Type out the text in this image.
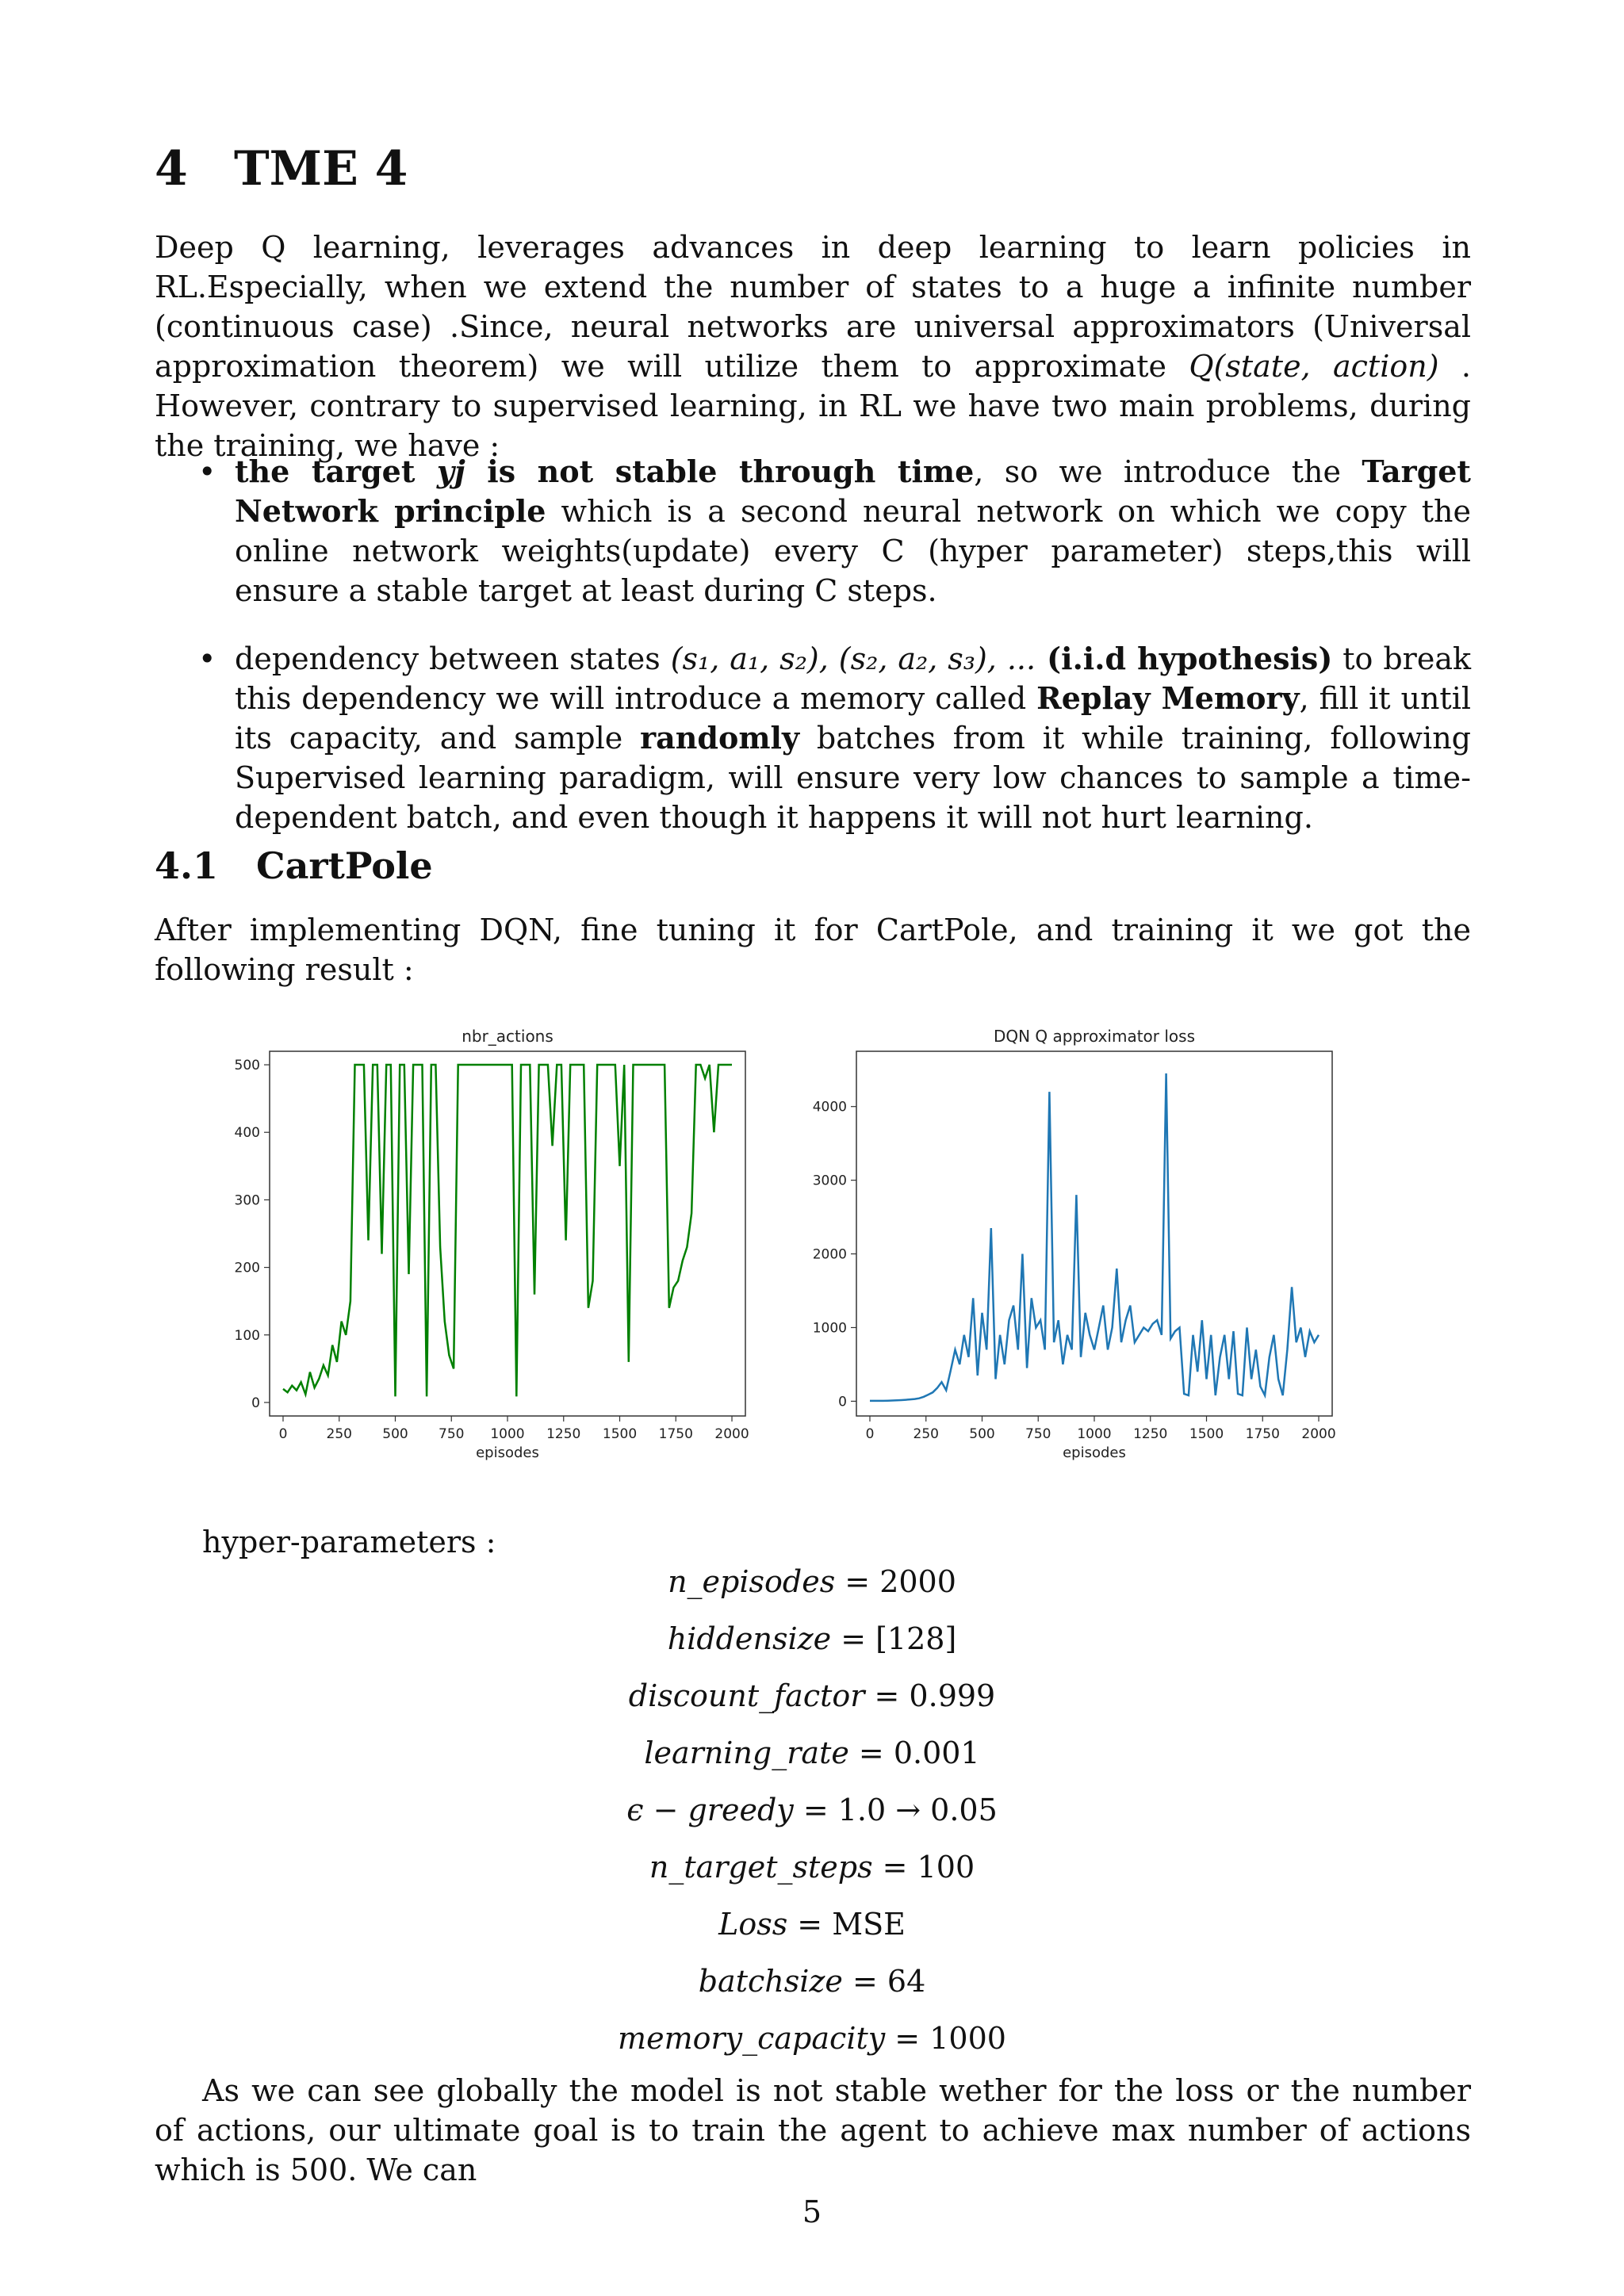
4 TME 4

Deep Q learning, leverages advances in deep learning to learn policies in RL.Especially, when we extend the number of states to a huge a infinite number (continuous case) .Since, neural networks are universal approximators (Universal approximation theorem) we will utilize them to approximate Q(state, action) . However, contrary to supervised learning, in RL we have two main problems, during the training, we have :

• the target yj is not stable through time, so we introduce the Target Network principle which is a second neural network on which we copy the online network weights(update) every C (hyper parameter) steps,this will ensure a stable target at least during C steps.
• dependency between states (s₁, a₁, s₂), (s₂, a₂, s₃), ... (i.i.d hypothesis) to break this dependency we will introduce a memory called Replay Memory, fill it until its capacity, and sample randomly batches from it while training, following Supervised learning paradigm, will ensure very low chances to sample a time-dependent batch, and even though it happens it will not hurt learning.
4.1 CartPole

After implementing DQN, fine tuning it for CartPole, and training it we got the following result :

nbr_actions
0	250 500 750 1000 1250 1500 1750 2000
0
100
200
300
400
500
episodes
DQN Q approximator loss
0	250 500 750 1000 1250 1500 1750 2000
0
1000
2000
3000
4000
episodes
hyper-parameters :
n_episodes = 2000
hiddensize = [128]
discount_factor = 0.999
learning_rate = 0.001
ϵ − greedy = 1.0 → 0.05
n_target_steps = 100
Loss = MSE
batchsize = 64
memory_capacity = 1000

As we can see globally the model is not stable wether for the loss or the number of actions, our ultimate goal is to train the agent to achieve max number of actions which is 500. We can

5
